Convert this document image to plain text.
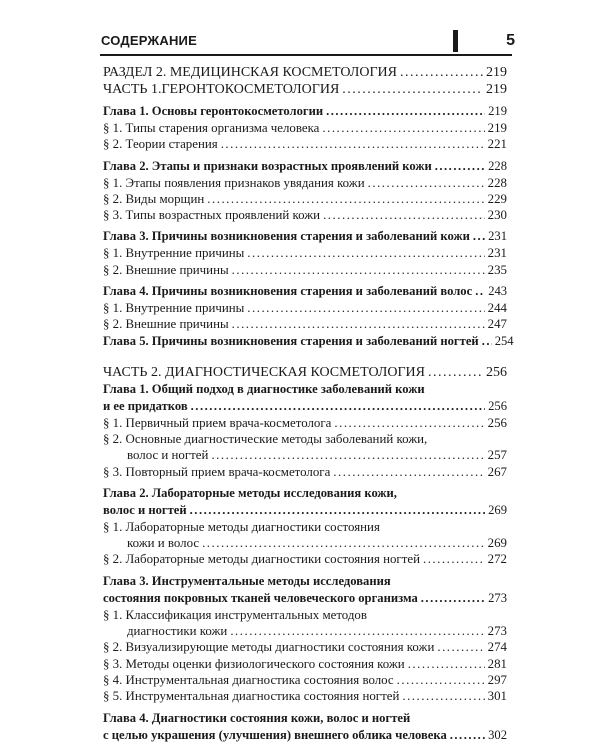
СОДЕРЖАНИЕ	5
РАЗДЕЛ 2. МЕДИЦИНСКАЯ КОСМЕТОЛОГИЯ .....	219
ЧАСТЬ 1.ГЕРОНТОКОСМЕТОЛОГИЯ .....	219
Глава 1. Основы геронтокосметологии .....	219
§ 1. Типы старения организма человека .....	219
§ 2. Теории старения .....	221
Глава 2. Этапы и признаки возрастных проявлений кожи .....	228
§ 1. Этапы появления признаков увядания кожи .....	228
§ 2. Виды морщин .....	229
§ 3. Типы возрастных проявлений кожи .....	230
Глава 3. Причины возникновения старения и заболеваний кожи ..... 231
§ 1. Внутренние причины .....	231
§ 2. Внешние причины .....	235
Глава 4. Причины возникновения старения и заболеваний волос ..... 243
§ 1. Внутренние причины .....	244
§ 2. Внешние причины .....	247
Глава 5. Причины возникновения старения и заболеваний ногтей ..... 254
ЧАСТЬ 2. ДИАГНОСТИЧЕСКАЯ КОСМЕТОЛОГИЯ .....	256
Глава 1. Общий подход в диагностике заболеваний кожи
и ее придатков .....	256
§ 1. Первичный прием врача-косметолога .....	256
§ 2. Основные диагностические методы заболеваний кожи,
волос и ногтей .....	257
§ 3. Повторный прием врача-косметолога .....	267
Глава 2. Лабораторные методы исследования кожи,
волос и ногтей .....	269
§ 1. Лабораторные методы диагностики состояния
кожи и волос .....	269
§ 2. Лабораторные методы диагностики состояния ногтей .....	272
Глава 3. Инструментальные методы исследования
состояния покровных тканей человеческого организма .....	273
§ 1. Классификация инструментальных методов
диагностики кожи .....	273
§ 2. Визуализирующие методы диагностики состояния кожи .....	274
§ 3. Методы оценки физиологического состояния кожи .....	281
§ 4. Инструментальная диагностика состояния волос .....	297
§ 5. Инструментальная диагностика состояния ногтей .....	301
Глава 4. Диагностики состояния кожи, волос и ногтей
с целью украшения (улучшения) внешнего облика человека .....	302
